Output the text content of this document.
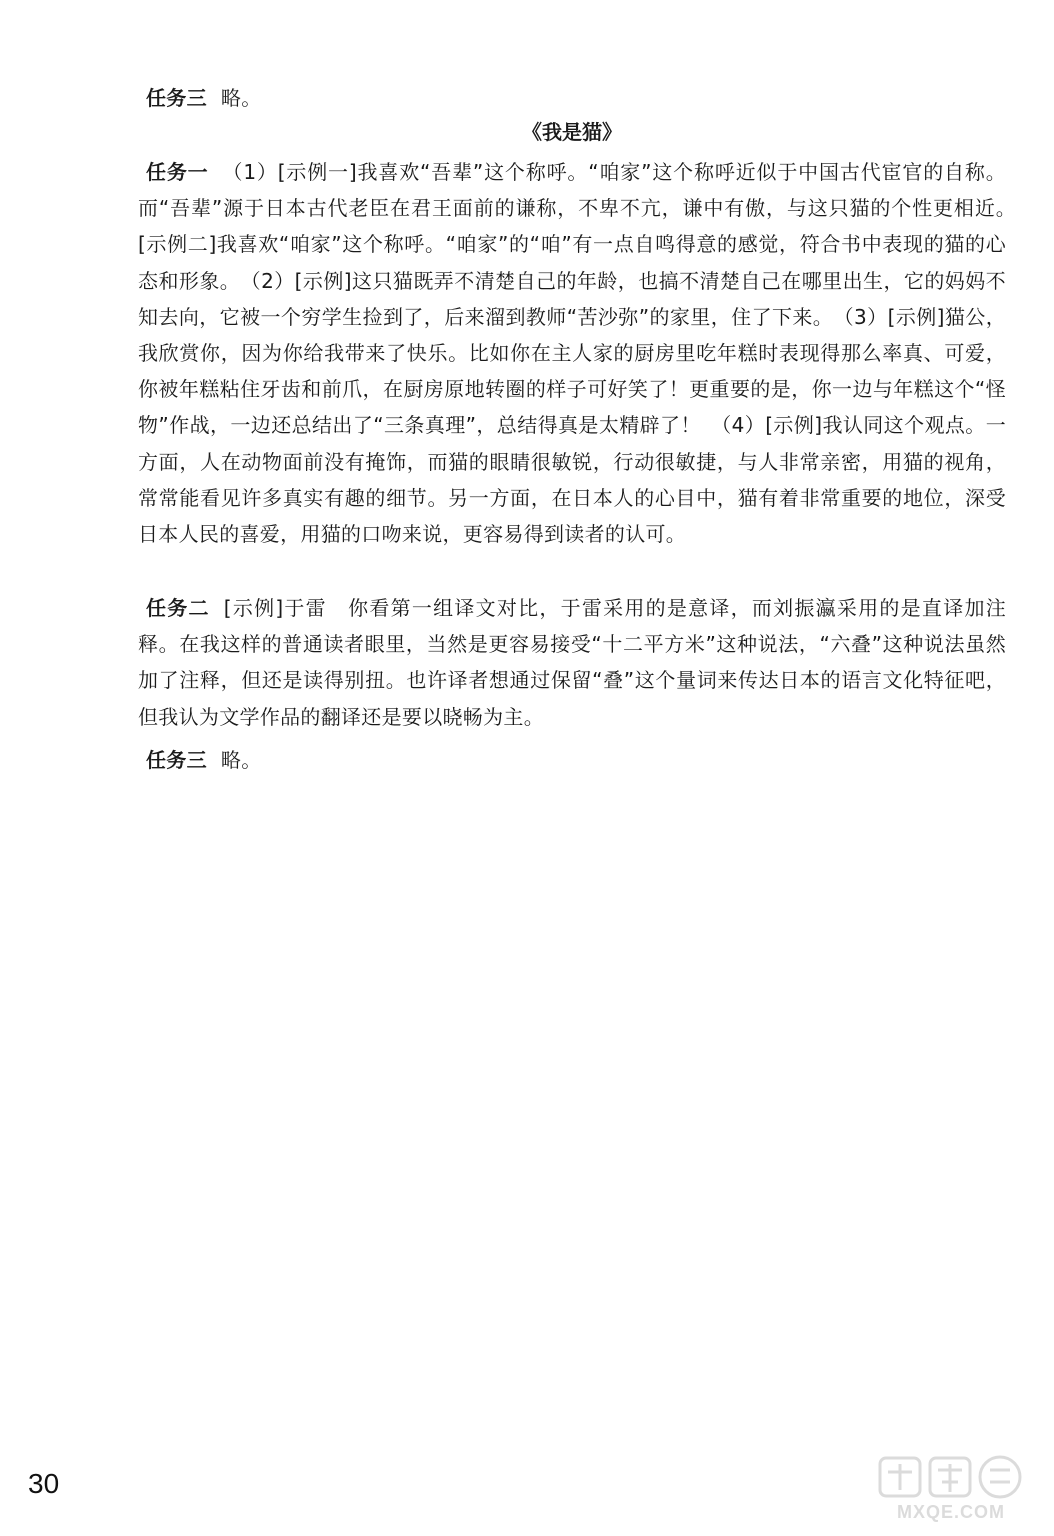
任务三 略。

《我是猫》

任务一 （1）[示例一]我喜欢“吾辈”这个称呼。“咱家”这个称呼近似于中国古代宦官的自称。而“吾辈”源于日本古代老臣在君王面前的谦称，不卑不亢，谦中有傲，与这只猫的个性更相近。　[示例二]我喜欢“咱家”这个称呼。“咱家”的“咱”有一点自鸣得意的感觉，符合书中表现的猫的心态和形象。　（2）[示例]这只猫既弄不清楚自己的年龄，也搞不清楚自己在哪里出生，它的妈妈不知去向，它被一个穷学生捡到了，后来溜到教师“苦沙弥”的家里，住了下来。　（3）[示例]猫公，我欣赏你，因为你给我带来了快乐。比如你在主人家的厨房里吃年糕时表现得那么率真、可爱，你被年糕粘住牙齿和前爪，在厨房原地转圈的样子可好笑了！更重要的是，你一边与年糕这个“怪物”作战，一边还总结出了“三条真理”，总结得真是太精辟了！　（4）[示例]我认同这个观点。一方面，人在动物面前没有掩饰，而猫的眼睛很敏锐，行动很敏捷，与人非常亲密，用猫的视角，常常能看见许多真实有趣的细节。另一方面，在日本人的心目中，猫有着非常重要的地位，深受日本人民的喜爱，用猫的口吻来说，更容易得到读者的认可。

任务二 [示例]于雷　你看第一组译文对比，于雷采用的是意译，而刘振瀛采用的是直译加注释。在我这样的普通读者眼里，当然是更容易接受“十二平方米”这种说法，“六叠”这种说法虽然加了注释，但还是读得别扭。也许译者想通过保留“叠”这个量词来传达日本的语言文化特征吧，但我认为文学作品的翻译还是要以晓畅为主。

任务三 略。

30
MXQE.COM
